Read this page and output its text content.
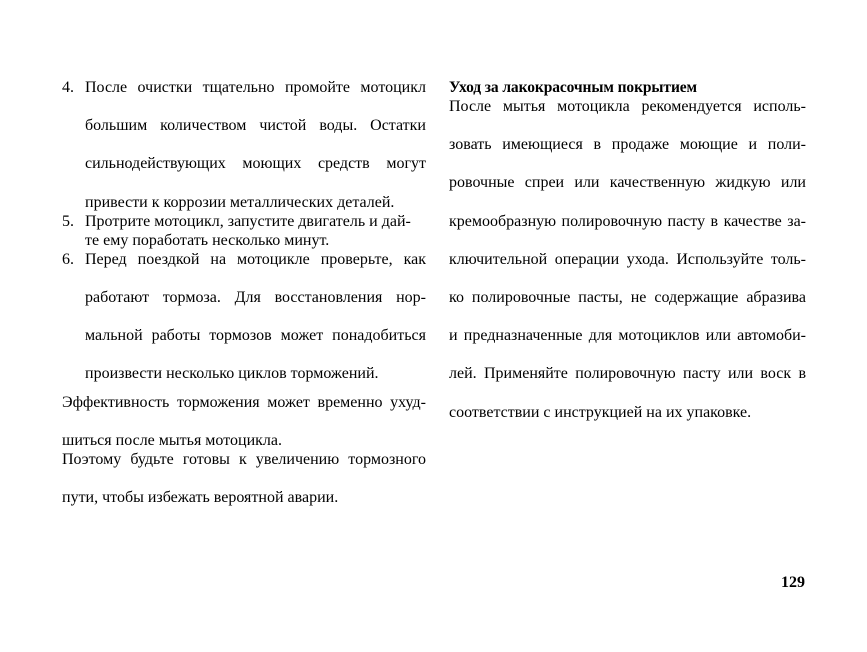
4. После очистки тщательно промойте мотоцикл
большим количеством чистой воды. Остатки
сильнодействующих моющих средств могут
привести к коррозии металлических деталей.
5. Протрите мотоцикл, запустите двигатель и дай-
те ему поработать несколько минут.
6. Перед поездкой на мотоцикле проверьте, как
работают тормоза. Для восстановления нор-
мальной работы тормозов может понадобиться
произвести несколько циклов торможений.

Эффективность торможения может временно ухуд-
шиться после мытья мотоцикла.
Поэтому будьте готовы к увеличению тормозного
пути, чтобы избежать вероятной аварии.

Уход за лакокрасочным покрытием

После мытья мотоцикла рекомендуется исполь-
зовать имеющиеся в продаже моющие и поли-
ровочные спреи или качественную жидкую или
кремообразную полировочную пасту в качестве за-
ключительной операции ухода. Используйте толь-
ко полировочные пасты, не содержащие абразива
и предназначенные для мотоциклов или автомоби-
лей. Применяйте полировочную пасту или воск в
соответствии с инструкцией на их упаковке.

129
